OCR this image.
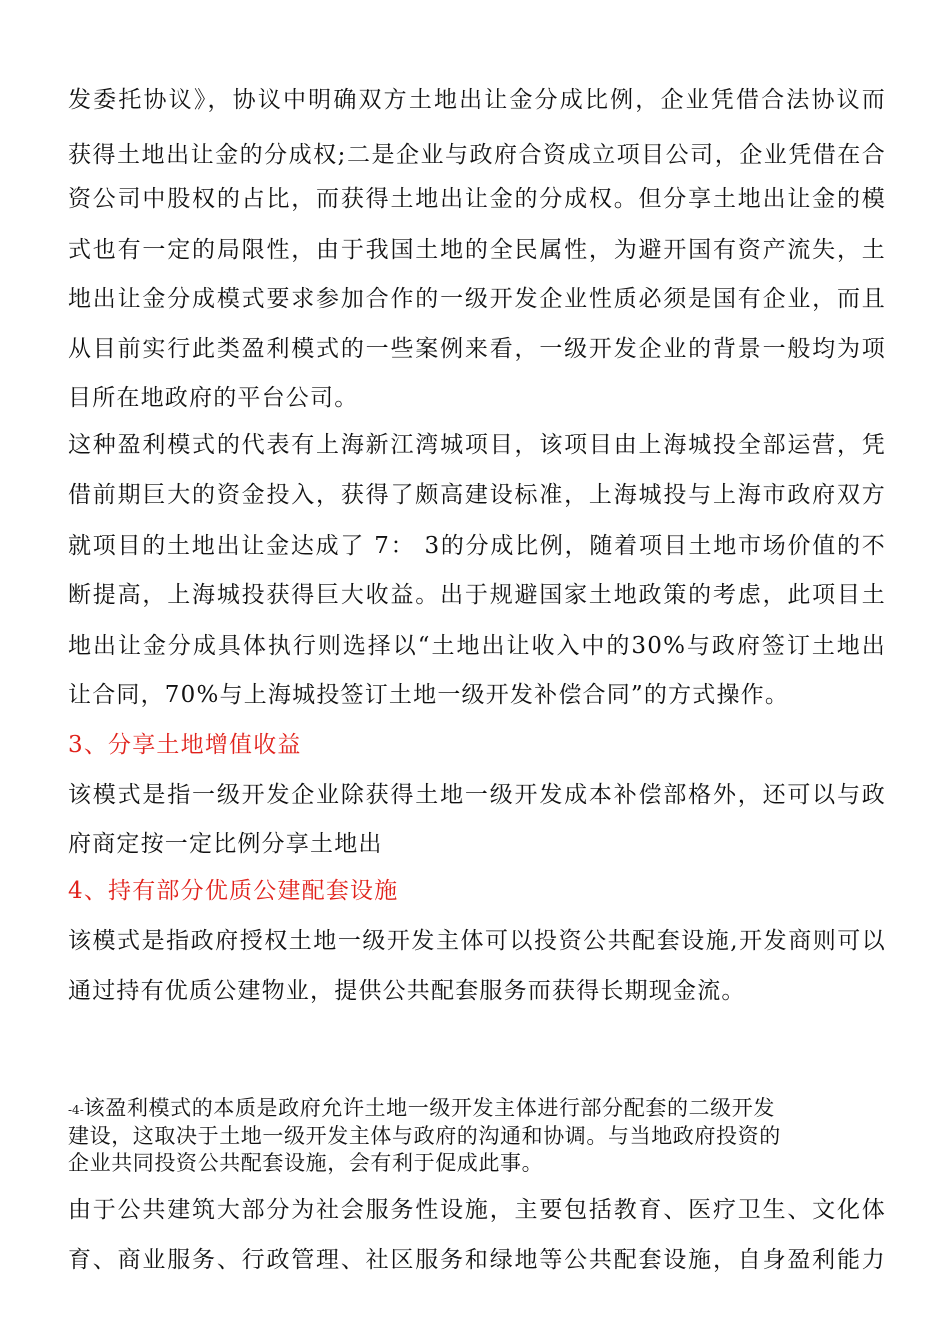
发委托协议》，协议中明确双方土地出让金分成比例，企业凭借合法协议而
获得土地出让金的分成权;二是企业与政府合资成立项目公司，企业凭借在合
资公司中股权的占比，而获得土地出让金的分成权。但分享土地出让金的模
式也有一定的局限性，由于我国土地的全民属性，为避开国有资产流失，土
地出让金分成模式要求参加合作的一级开发企业性质必须是国有企业，而且
从目前实行此类盈利模式的一些案例来看，一级开发企业的背景一般均为项
目所在地政府的平台公司。
这种盈利模式的代表有上海新江湾城项目，该项目由上海城投全部运营，凭
借前期巨大的资金投入，获得了颇高建设标准，上海城投与上海市政府双方
就项目的土地出让金达成了 7： 3的分成比例，随着项目土地市场价值的不
断提高，上海城投获得巨大收益。出于规避国家土地政策的考虑，此项目土
地出让金分成具体执行则选择以“土地出让收入中的30%与政府签订土地出
让合同，70%与上海城投签订土地一级开发补偿合同”的方式操作。
3、分享土地增值收益
该模式是指一级开发企业除获得土地一级开发成本补偿部格外，还可以与政
府商定按一定比例分享土地出
4、持有部分优质公建配套设施
该模式是指政府授权土地一级开发主体可以投资公共配套设施,开发商则可以
通过持有优质公建物业，提供公共配套服务而获得长期现金流。
-4-该盈利模式的本质是政府允许土地一级开发主体进行部分配套的二级开发
建设，这取决于土地一级开发主体与政府的沟通和协调。与当地政府投资的
企业共同投资公共配套设施，会有利于促成此事。
由于公共建筑大部分为社会服务性设施，主要包括教育、医疗卫生、文化体
育、商业服务、行政管理、社区服务和绿地等公共配套设施，自身盈利能力
